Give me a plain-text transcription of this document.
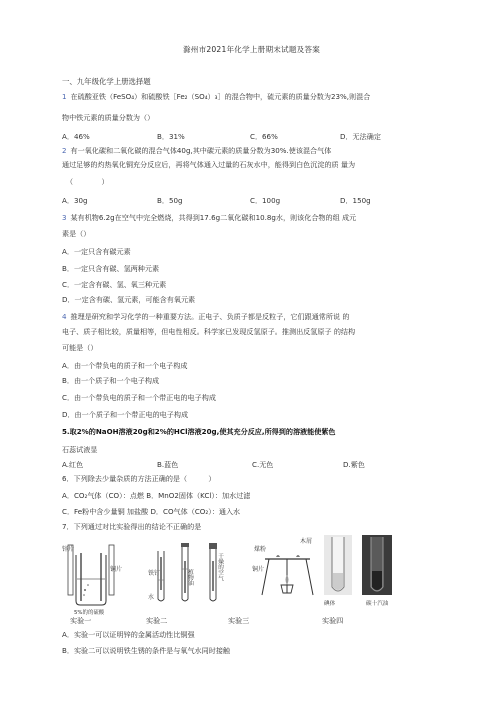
滁州市2021年化学上册期末试题及答案
一、九年级化学上册选择题
1 在硫酸亚铁（FeSO₄）和硫酸铁［Fe₂（SO₄）₃］的混合物中，硫元素的质量分数为23%,则混合
物中铁元素的质量分数为（）
A．46%	B．31%	C．66%	D．无法确定
2 有一氧化碳和二氧化碳的混合气体40g,其中碳元素的质量分数为30%.使该混合气体
通过足够的灼热氧化铜充分反应后，再将气体通入过量的石灰水中，能得到白色沉淀的质 量为
（　　　　）
A．30g	B．50g	C．100g	D．150g
3 某有机物6.2g在空气中完全燃烧，共得到17.6g二氧化碳和10.8g水，则该化合物的组 成元
素是（）
A．一定只含有碳元素
B．一定只含有碳、氢两种元素
C．一定含有碳、氢、氧三种元素
D．一定含有碳、氢元素，可能含有氧元素
4 推理是研究和学习化学的一种重要方法。正电子、负质子都是反粒子，它们跟通常所说 的
电子、质子相比较，质量相等，但电性相反。科学家已发现反氢原子。推测出反氢原子 的结构
可能是（）
A．由一个带负电的质子和一个电子构成
B．由一个质子和一个电子构成
C．由一个带负电的质子和一个带正电的电子构成
D．由一个质子和一个带正电的电子构成
5.取2%的NaOH溶液20g和2%的HCl溶液20g,使其充分反应,所得到的溶液能使紫色
石蕊试液显
A.红色	B.蓝色	C.无色	D.紫色
6．下列除去少量杂质的方法正确的是（　　　）
A．CO₂气体（CO）：点燃 B．MnO2固体（KCl）：加水过滤
C．Fe粉中含少量铜 加盐酸 D．CO气体（CO₂）：通入水
7．下列通过对比实验得出的结论不正确的是
锌片
铜片
5%的的硫酸
铁钉
水
植物油	干燥的空气
煤粉
木屑
铜片
碘体	碳十汽油
实验一	实验二	实验三	实验四
A．实验一可以证明锌的金属活动性比铜强
B．实验二可以说明铁生锈的条件是与氧气水同时接触
